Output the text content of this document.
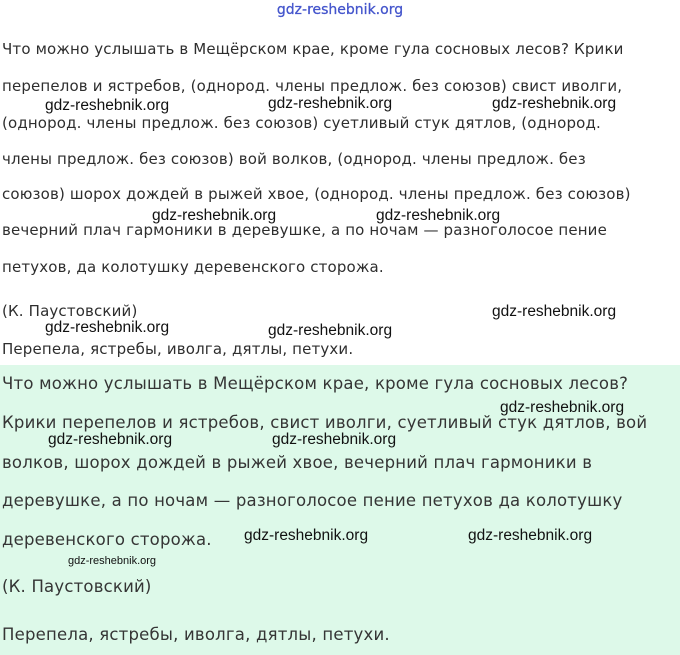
gdz-reshebnik.org
Что можно услышать в Мещёрском крае, кроме гула сосновых лесов? Крики
перепелов и ястребов, (однород. члены предлож. без союзов) свист иволги,
(однород. члены предлож. без союзов) суетливый стук дятлов, (однород.
члены предлож. без союзов) вой волков, (однород. члены предлож. без
союзов) шорох дождей в рыжей хвое, (однород. члены предлож. без союзов)
вечерний плач гармоники в деревушке, а по ночам — разноголосое пение
петухов, да колотушку деревенского сторожа.
(К. Паустовский)
Перепела, ястребы, иволга, дятлы, петухи.
Что можно услышать в Мещёрском крае, кроме гула сосновых лесов?
Крики перепелов и ястребов, свист иволги, суетливый стук дятлов, вой
волков, шорох дождей в рыжей хвое, вечерний плач гармоники в
деревушке, а по ночам — разноголосое пение петухов да колотушку
деревенского сторожа.
(К. Паустовский)
Перепела, ястребы, иволга, дятлы, петухи.
gdz-reshebnik.org	gdz-reshebnik.org	gdz-reshebnik.org
gdz-reshebnik.org	gdz-reshebnik.org
gdz-reshebnik.org
gdz-reshebnik.org	gdz-reshebnik.org
gdz-reshebnik.org
gdz-reshebnik.org	gdz-reshebnik.org
gdz-reshebnik.org	gdz-reshebnik.org
gdz-reshebnik.org
